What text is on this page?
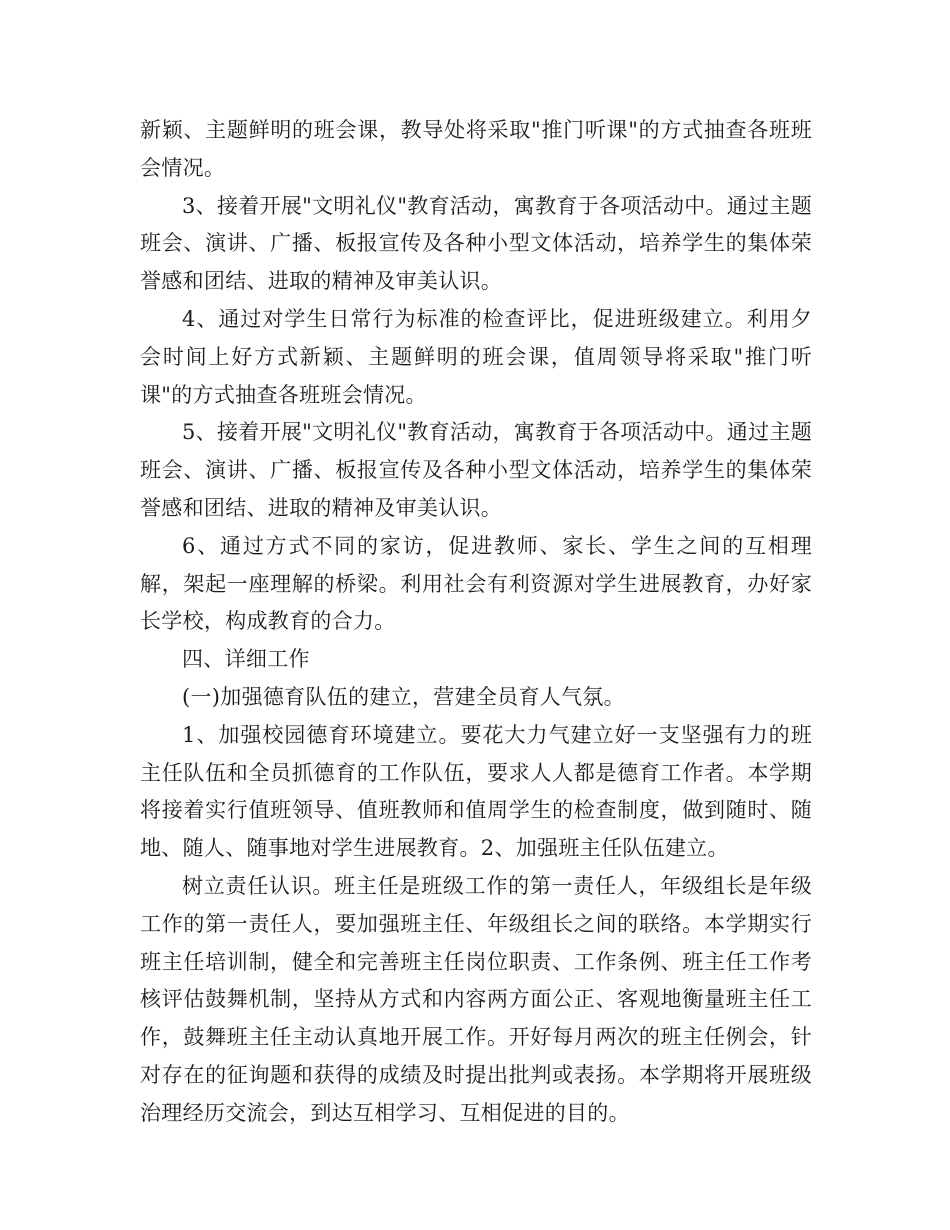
新颖、主题鲜明的班会课，教导处将采取"推门听课"的方式抽查各班班会情况。

3、接着开展"文明礼仪"教育活动，寓教育于各项活动中。通过主题班会、演讲、广播、板报宣传及各种小型文体活动，培养学生的集体荣誉感和团结、进取的精神及审美认识。

4、通过对学生日常行为标准的检查评比，促进班级建立。利用夕会时间上好方式新颖、主题鲜明的班会课，值周领导将采取"推门听课"的方式抽查各班班会情况。

5、接着开展"文明礼仪"教育活动，寓教育于各项活动中。通过主题班会、演讲、广播、板报宣传及各种小型文体活动，培养学生的集体荣誉感和团结、进取的精神及审美认识。

6、通过方式不同的家访，促进教师、家长、学生之间的互相理解，架起一座理解的桥梁。利用社会有利资源对学生进展教育，办好家长学校，构成教育的合力。

四、详细工作

(一)加强德育队伍的建立，营建全员育人气氛。

1、加强校园德育环境建立。要花大力气建立好一支坚强有力的班主任队伍和全员抓德育的工作队伍，要求人人都是德育工作者。本学期将接着实行值班领导、值班教师和值周学生的检查制度，做到随时、随地、随人、随事地对学生进展教育。2、加强班主任队伍建立。

树立责任认识。班主任是班级工作的第一责任人，年级组长是年级工作的第一责任人，要加强班主任、年级组长之间的联络。本学期实行班主任培训制，健全和完善班主任岗位职责、工作条例、班主任工作考核评估鼓舞机制，坚持从方式和内容两方面公正、客观地衡量班主任工作，鼓舞班主任主动认真地开展工作。开好每月两次的班主任例会，针对存在的征询题和获得的成绩及时提出批判或表扬。本学期将开展班级治理经历交流会，到达互相学习、互相促进的目的。
